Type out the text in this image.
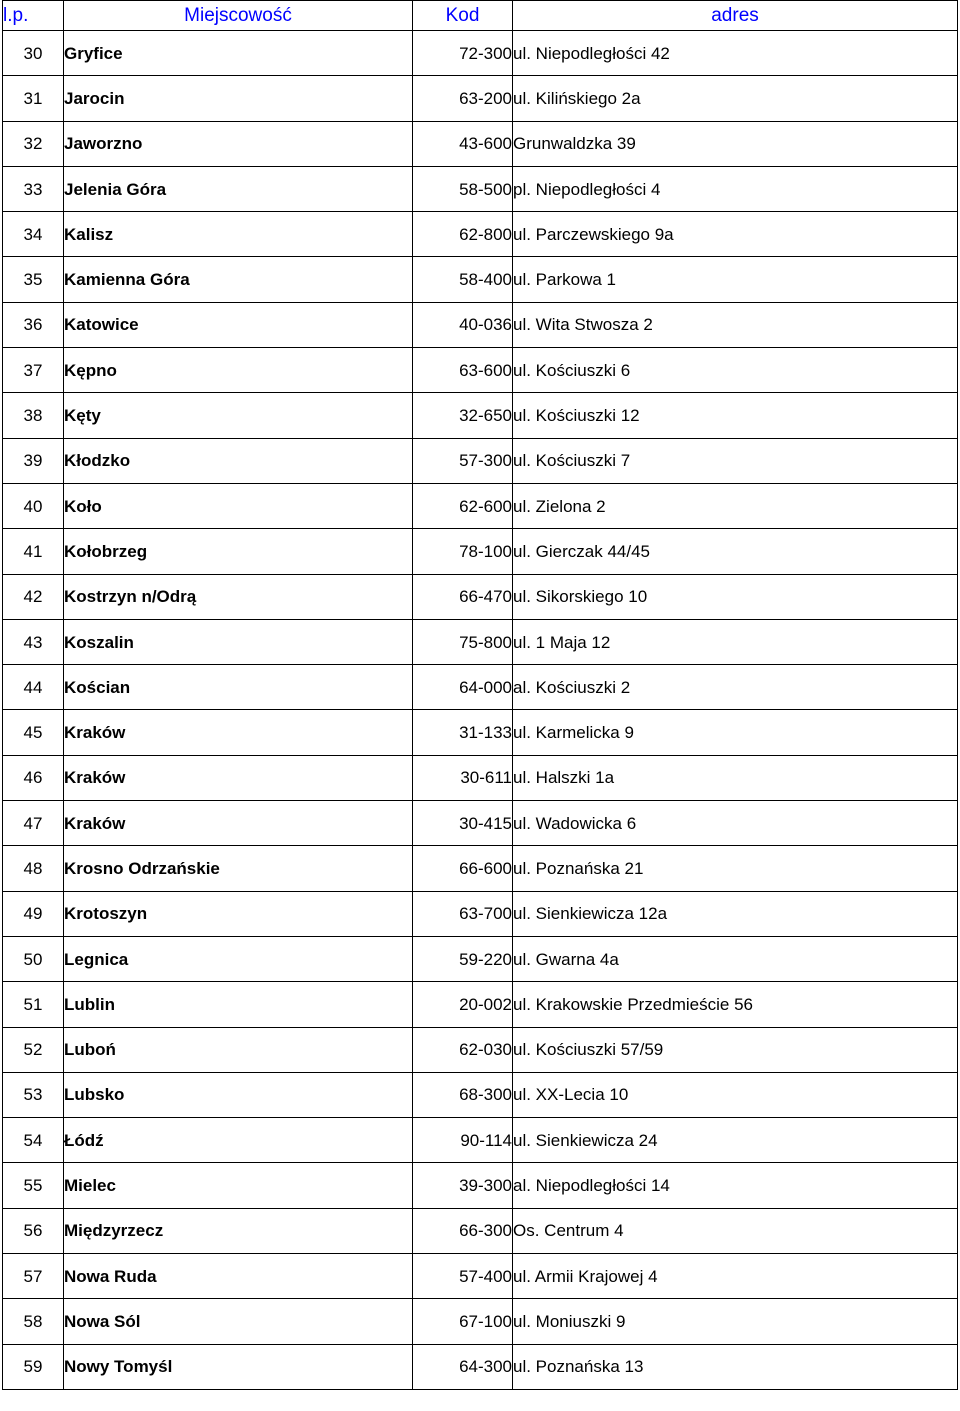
l.p.	Miejscowość	Kod	adres
30	Gryfice	72-300	ul. Niepodległości 42
31	Jarocin	63-200	ul. Kilińskiego 2a
32	Jaworzno	43-600	Grunwaldzka 39
33	Jelenia Góra	58-500	pl. Niepodległości 4
34	Kalisz	62-800	ul. Parczewskiego 9a
35	Kamienna Góra	58-400	ul. Parkowa 1
36	Katowice	40-036	ul. Wita Stwosza 2
37	Kępno	63-600	ul. Kościuszki 6
38	Kęty	32-650	ul. Kościuszki 12
39	Kłodzko	57-300	ul. Kościuszki 7
40	Koło	62-600	ul. Zielona 2
41	Kołobrzeg	78-100	ul. Gierczak 44/45
42	Kostrzyn n/Odrą	66-470	ul. Sikorskiego 10
43	Koszalin	75-800	ul. 1 Maja 12
44	Kościan	64-000	al. Kościuszki 2
45	Kraków	31-133	ul. Karmelicka 9
46	Kraków	30-611	ul. Halszki 1a
47	Kraków	30-415	ul. Wadowicka 6
48	Krosno Odrzańskie	66-600	ul. Poznańska 21
49	Krotoszyn	63-700	ul. Sienkiewicza 12a
50	Legnica	59-220	ul. Gwarna 4a
51	Lublin	20-002	ul. Krakowskie Przedmieście 56
52	Luboń	62-030	ul. Kościuszki 57/59
53	Lubsko	68-300	ul. XX-Lecia 10
54	Łódź	90-114	ul. Sienkiewicza 24
55	Mielec	39-300	al. Niepodległości 14
56	Międzyrzecz	66-300	Os. Centrum 4
57	Nowa Ruda	57-400	ul. Armii Krajowej 4
58	Nowa Sól	67-100	ul. Moniuszki 9
59	Nowy Tomyśl	64-300	ul. Poznańska 13
